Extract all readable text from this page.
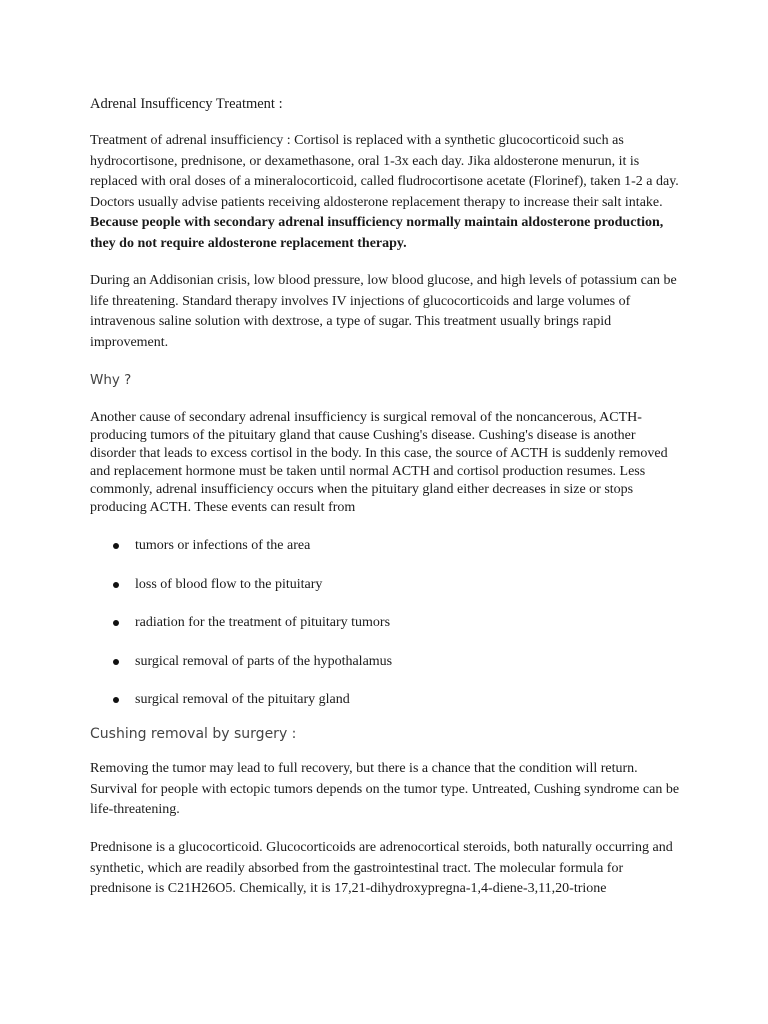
Adrenal Insufficency Treatment :

Treatment of adrenal insufficiency : Cortisol is replaced with a synthetic glucocorticoid such as hydrocortisone, prednisone, or dexamethasone, oral 1-3x each day. Jika aldosterone menurun, it is replaced with oral doses of a mineralocorticoid, called fludrocortisone acetate (Florinef), taken 1-2 a day. Doctors usually advise patients receiving aldosterone replacement therapy to increase their salt intake. Because people with secondary adrenal insufficiency normally maintain aldosterone production, they do not require aldosterone replacement therapy.

During an Addisonian crisis, low blood pressure, low blood glucose, and high levels of potassium can be life threatening. Standard therapy involves IV injections of glucocorticoids and large volumes of intravenous saline solution with dextrose, a type of sugar. This treatment usually brings rapid improvement.

Why ?

Another cause of secondary adrenal insufficiency is surgical removal of the noncancerous, ACTH-producing tumors of the pituitary gland that cause Cushing's disease. Cushing's disease is another disorder that leads to excess cortisol in the body. In this case, the source of ACTH is suddenly removed and replacement hormone must be taken until normal ACTH and cortisol production resumes. Less commonly, adrenal insufficiency occurs when the pituitary gland either decreases in size or stops producing ACTH. These events can result from

tumors or infections of the area
loss of blood flow to the pituitary
radiation for the treatment of pituitary tumors
surgical removal of parts of the hypothalamus
surgical removal of the pituitary gland

Cushing removal by surgery :

Removing the tumor may lead to full recovery, but there is a chance that the condition will return. Survival for people with ectopic tumors depends on the tumor type. Untreated, Cushing syndrome can be life-threatening.

Prednisone is a glucocorticoid. Glucocorticoids are adrenocortical steroids, both naturally occurring and synthetic, which are readily absorbed from the gastrointestinal tract. The molecular formula for prednisone is C21H26O5. Chemically, it is 17,21-dihydroxypregna-1,4-diene-3,11,20-trione
